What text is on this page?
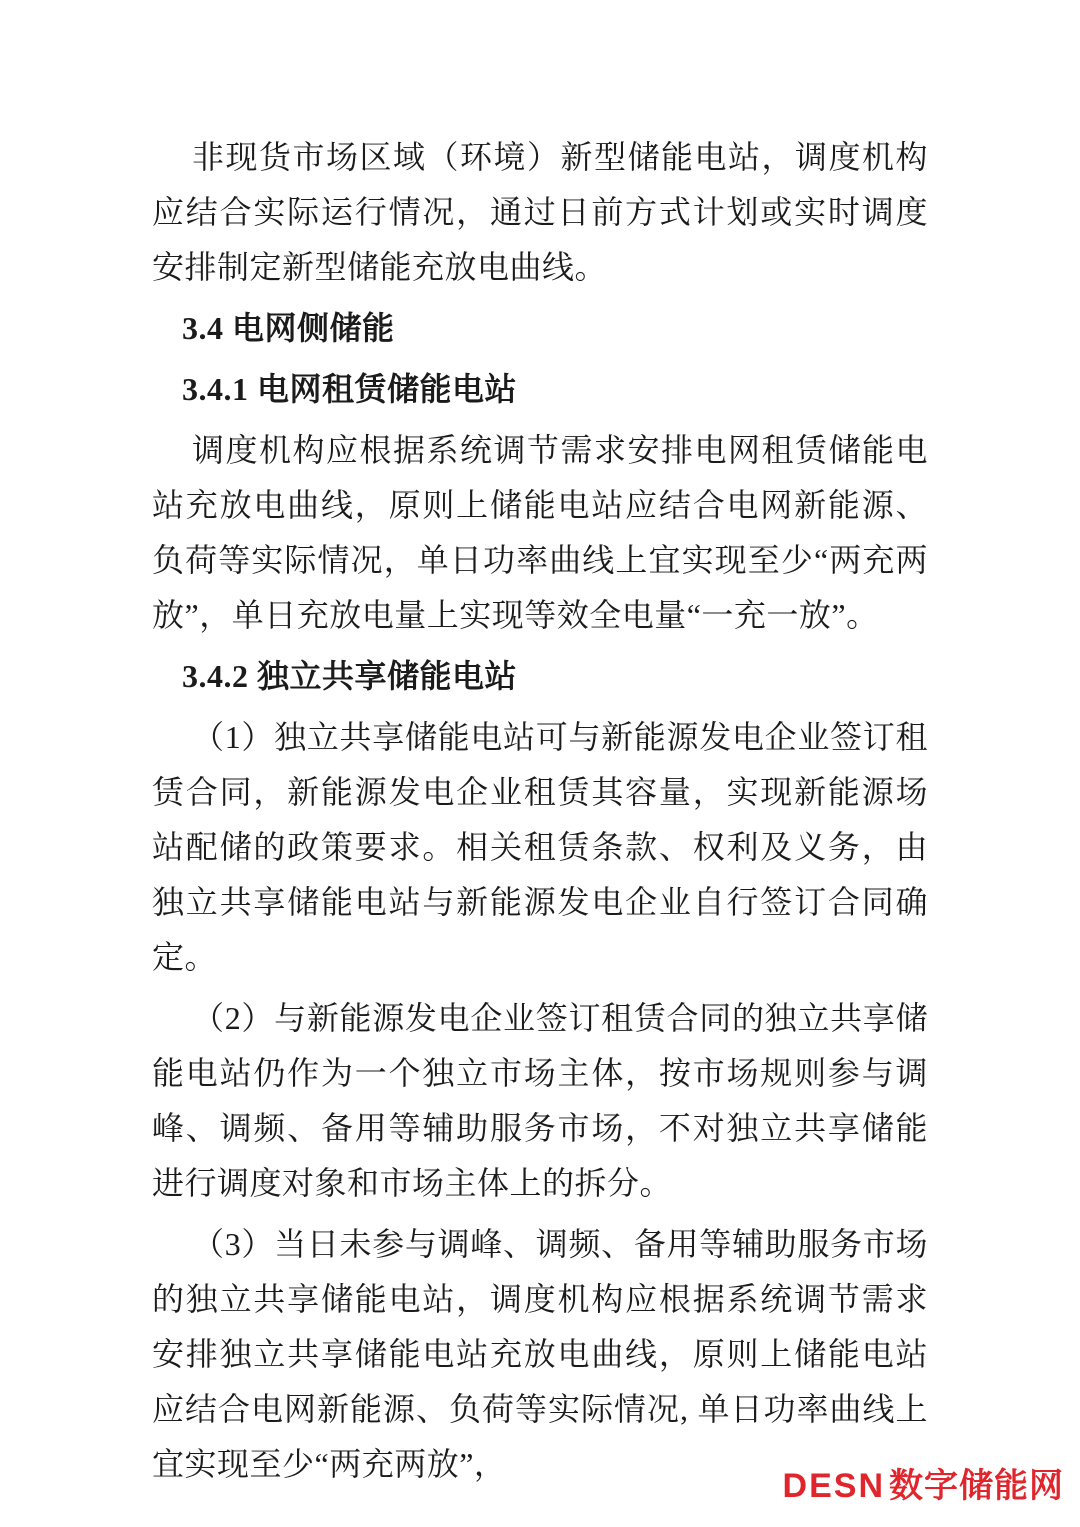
非现货市场区域（环境）新型储能电站，调度机构应结合实际运行情况，通过日前方式计划或实时调度安排制定新型储能充放电曲线。

3.4 电网侧储能

3.4.1 电网租赁储能电站

调度机构应根据系统调节需求安排电网租赁储能电站充放电曲线，原则上储能电站应结合电网新能源、负荷等实际情况，单日功率曲线上宜实现至少“两充两放”，单日充放电量上实现等效全电量“一充一放”。

3.4.2 独立共享储能电站

（1）独立共享储能电站可与新能源发电企业签订租赁合同，新能源发电企业租赁其容量，实现新能源场站配储的政策要求。相关租赁条款、权利及义务，由独立共享储能电站与新能源发电企业自行签订合同确定。

（2）与新能源发电企业签订租赁合同的独立共享储能电站仍作为一个独立市场主体，按市场规则参与调峰、调频、备用等辅助服务市场，不对独立共享储能进行调度对象和市场主体上的拆分。

（3）当日未参与调峰、调频、备用等辅助服务市场的独立共享储能电站，调度机构应根据系统调节需求安排独立共享储能电站充放电曲线，原则上储能电站应结合电网新能源、负荷等实际情况, 单日功率曲线上宜实现至少“两充两放”，

DESN 数字储能网
